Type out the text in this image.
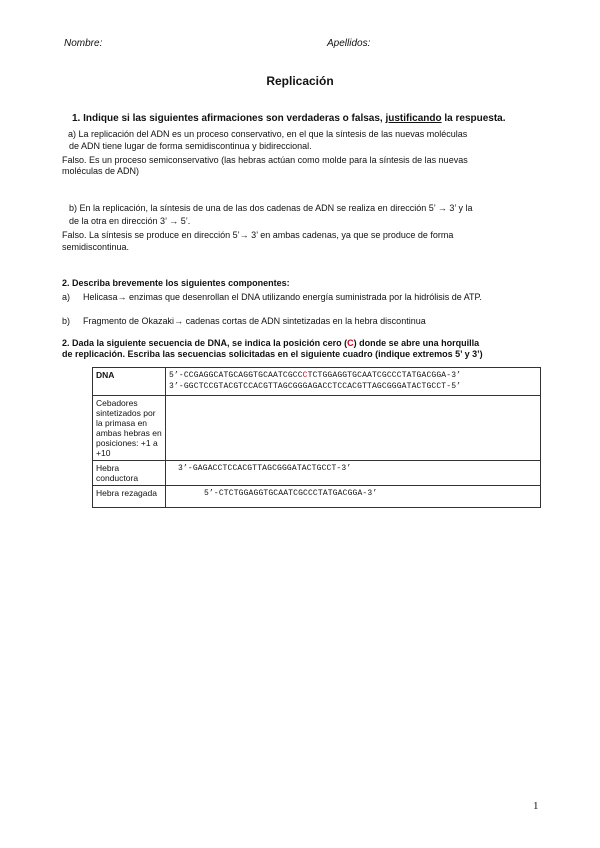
Nombre:	Apellidos:
Replicación
1. Indique si las siguientes afirmaciones son verdaderas o falsas, justificando la respuesta.
a) La replicación del ADN es un proceso conservativo, en el que la síntesis de las nuevas moléculas
de ADN tiene lugar de forma semidiscontinua y bidireccional.
Falso. Es un proceso semiconservativo (las hebras actúan como molde para la síntesis de las nuevas
moléculas de ADN)
b) En la replicación, la síntesis de una de las dos cadenas de ADN se realiza en dirección 5’ → 3’ y la
de la otra en dirección 3’ → 5’.
Falso. La síntesis se produce en dirección 5’→ 3’ en ambas cadenas, ya que se produce de forma
semidiscontinua.
2. Describa brevemente los siguientes componentes:
a) Helicasa→ enzimas que desenrollan el DNA utilizando energía suministrada por la hidrólisis de ATP.
b) Fragmento de Okazaki→ cadenas cortas de ADN sintetizadas en la hebra discontinua
2. Dada la siguiente secuencia de DNA, se indica la posición cero (C) donde se abre una horquilla
de replicación. Escriba las secuencias solicitadas en el siguiente cuadro (indique extremos 5’ y 3’)
DNA	5’-CCGAGGCATGCAGGTGCAATCGCCCTCTGGAGGTGCAATCGCCCTATGACGGA-3’
3’-GGCTCCGTACGTCCACGTTAGCGGGAGACCTCCACGTTAGCGGGATACTGCCT-5’

Cebadores sintetizados por la primasa en ambas hebras en posiciones: +1 a +10	
Hebra conductora	3’-GAGACCTCCACGTTAGCGGGATACTGCCT-3’
Hebra rezagada	5’-CTCTGGAGGTGCAATCGCCCTATGACGGA-3’
1
